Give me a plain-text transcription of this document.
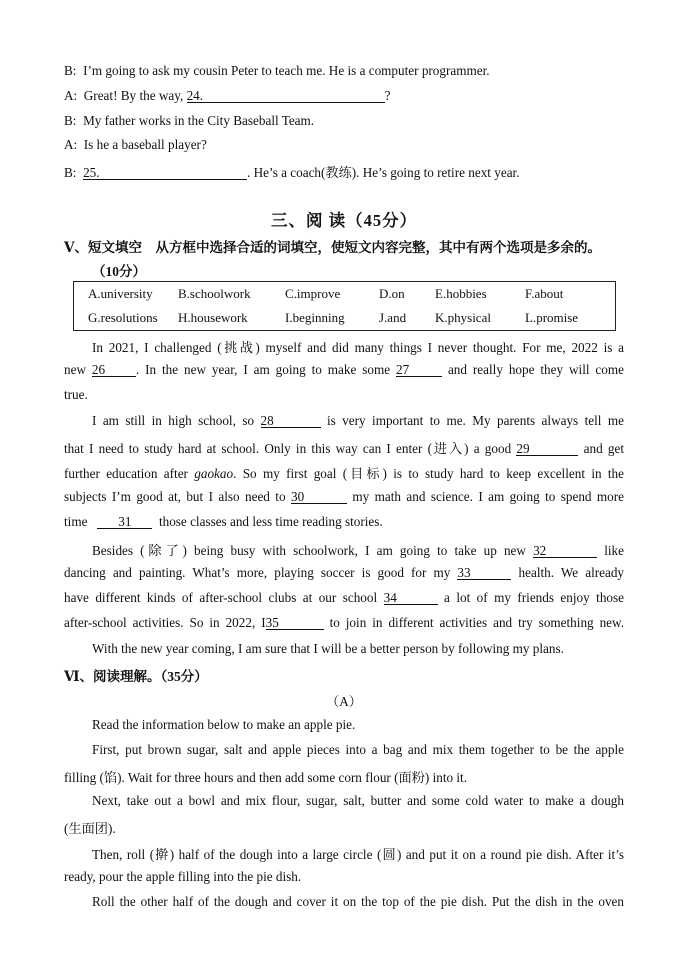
B: I’m going to ask my cousin Peter to teach me. He is a computer programmer.
A: Great! By the way, 24.	?
B: My father works in the City Baseball Team.
A: Is he a baseball player?
B: 25.	. He’s a coach(教练). He’s going to retire next year.
三、阅 读（45分）
Ⅴ、短文填空　从方框中选择合适的词填空，使短文内容完整，其中有两个选项是多余的。
（10分）
A.university	B.schoolwork	C.improve	D.on	E.hobbies	F.about
G.resolutions	H.housework	I.beginning	J.and	K.physical	L.promise
In 2021, I challenged (挑战) myself and did many things I never thought. For me, 2022 is a
new 26 . In the new year, I am going to make some 27	and really hope they will come
true.
I am still in high school, so 28	is very important to me. My parents always tell me
that I need to study hard at school. Only in this way can I enter (进入) a good 29	and get
further education after gaokao. So my first goal (目标) is to study hard to keep excellent in the
subjects I’m good at, but I also need to 30	my math and science. I am going to spend more
time 31 those classes and less time reading stories.
Besides (除了) being busy with schoolwork, I am going to take up new 32	like
dancing and painting. What’s more, playing soccer is good for my 33	health. We already
have different kinds of after-school clubs at our school 34	a lot of my friends enjoy those
after-school activities. So in 2022, I35	to join in different activities and try something new.
With the new year coming, I am sure that I will be a better person by following my plans.
Ⅵ、阅读理解。（35分）
（A）
Read the information below to make an apple pie.
First, put brown sugar, salt and apple pieces into a bag and mix them together to be the apple
filling (馅). Wait for three hours and then add some corn flour (面粉) into it.
Next, take out a bowl and mix flour, sugar, salt, butter and some cold water to make a dough
(生面团).
Then, roll (擀) half of the dough into a large circle (圆) and put it on a round pie dish. After it’s
ready, pour the apple filling into the pie dish.
Roll the other half of the dough and cover it on the top of the pie dish. Put the dish in the oven
